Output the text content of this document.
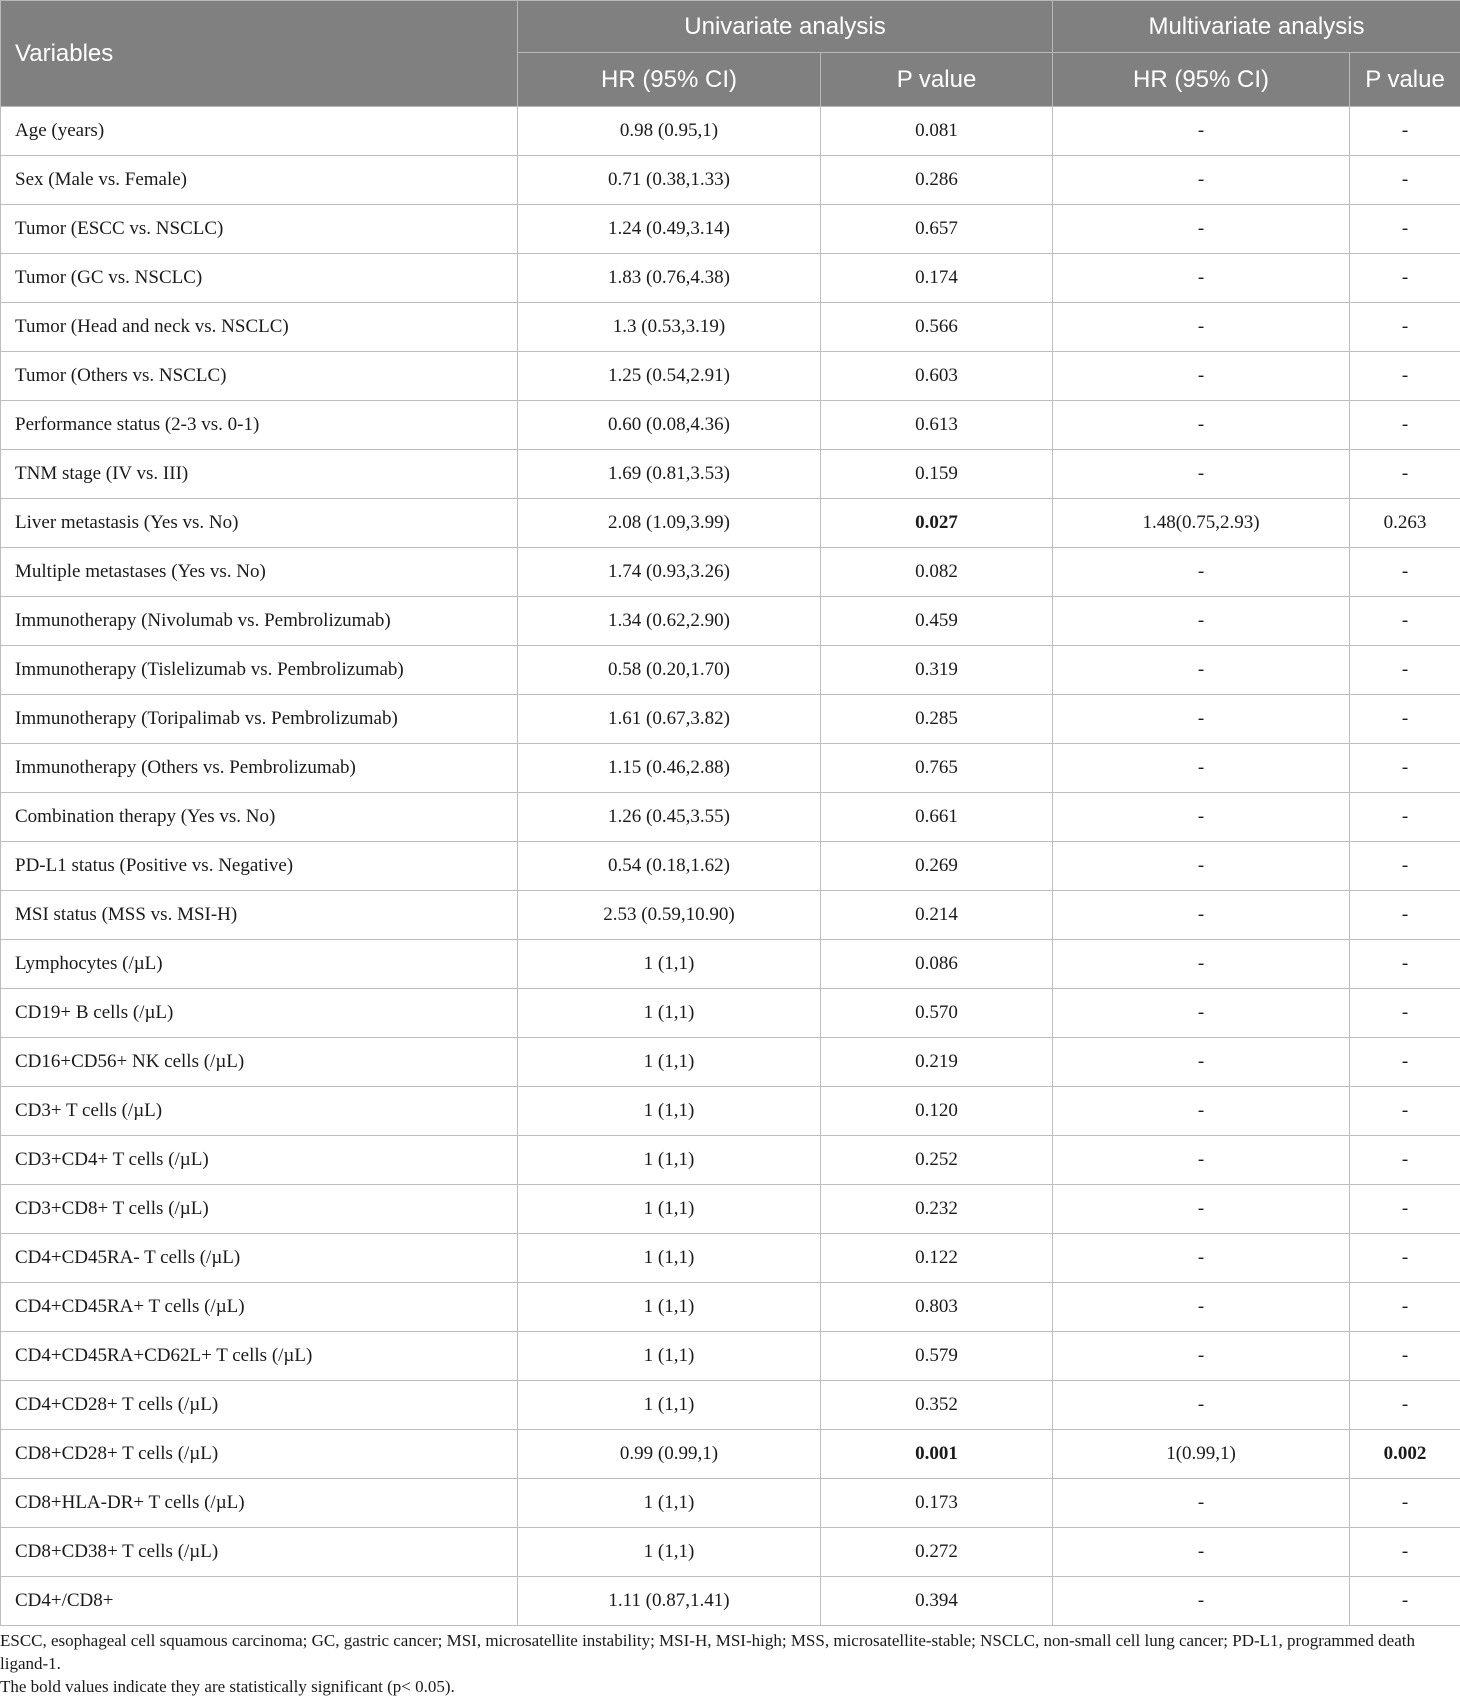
Variables	Univariate analysis		Multivariate analysis	
	HR (95% CI)	P value	HR (95% CI)	P value
Age (years)	0.98 (0.95,1)	0.081	-	-
Sex (Male vs. Female)	0.71 (0.38,1.33)	0.286	-	-
Tumor (ESCC vs. NSCLC)	1.24 (0.49,3.14)	0.657	-	-
Tumor (GC vs. NSCLC)	1.83 (0.76,4.38)	0.174	-	-
Tumor (Head and neck vs. NSCLC)	1.3 (0.53,3.19)	0.566	-	-
Tumor (Others vs. NSCLC)	1.25 (0.54,2.91)	0.603	-	-
Performance status (2-3 vs. 0-1)	0.60 (0.08,4.36)	0.613	-	-
TNM stage (IV vs. III)	1.69 (0.81,3.53)	0.159	-	-
Liver metastasis (Yes vs. No)	2.08 (1.09,3.99)	0.027	1.48(0.75,2.93)	0.263
Multiple metastases (Yes vs. No)	1.74 (0.93,3.26)	0.082	-	-
Immunotherapy (Nivolumab vs. Pembrolizumab)	1.34 (0.62,2.90)	0.459	-	-
Immunotherapy (Tislelizumab vs. Pembrolizumab)	0.58 (0.20,1.70)	0.319	-	-
Immunotherapy (Toripalimab vs. Pembrolizumab)	1.61 (0.67,3.82)	0.285	-	-
Immunotherapy (Others vs. Pembrolizumab)	1.15 (0.46,2.88)	0.765	-	-
Combination therapy (Yes vs. No)	1.26 (0.45,3.55)	0.661	-	-
PD-L1 status (Positive vs. Negative)	0.54 (0.18,1.62)	0.269	-	-
MSI status (MSS vs. MSI-H)	2.53 (0.59,10.90)	0.214	-	-
Lymphocytes (/µL)	1 (1,1)	0.086	-	-
CD19+ B cells (/µL)	1 (1,1)	0.570	-	-
CD16+CD56+ NK cells (/µL)	1 (1,1)	0.219	-	-
CD3+ T cells (/µL)	1 (1,1)	0.120	-	-
CD3+CD4+ T cells (/µL)	1 (1,1)	0.252	-	-
CD3+CD8+ T cells (/µL)	1 (1,1)	0.232	-	-
CD4+CD45RA- T cells (/µL)	1 (1,1)	0.122	-	-
CD4+CD45RA+ T cells (/µL)	1 (1,1)	0.803	-	-
CD4+CD45RA+CD62L+ T cells (/µL)	1 (1,1)	0.579	-	-
CD4+CD28+ T cells (/µL)	1 (1,1)	0.352	-	-
CD8+CD28+ T cells (/µL)	0.99 (0.99,1)	0.001	1(0.99,1)	0.002
CD8+HLA-DR+ T cells (/µL)	1 (1,1)	0.173	-	-
CD8+CD38+ T cells (/µL)	1 (1,1)	0.272	-	-
CD4+/CD8+	1.11 (0.87,1.41)	0.394	-	-
ESCC, esophageal cell squamous carcinoma; GC, gastric cancer; MSI, microsatellite instability; MSI-H, MSI-high; MSS, microsatellite-stable; NSCLC, non-small cell lung cancer; PD-L1, programmed death ligand-1.
The bold values indicate they are statistically significant (p< 0.05).
